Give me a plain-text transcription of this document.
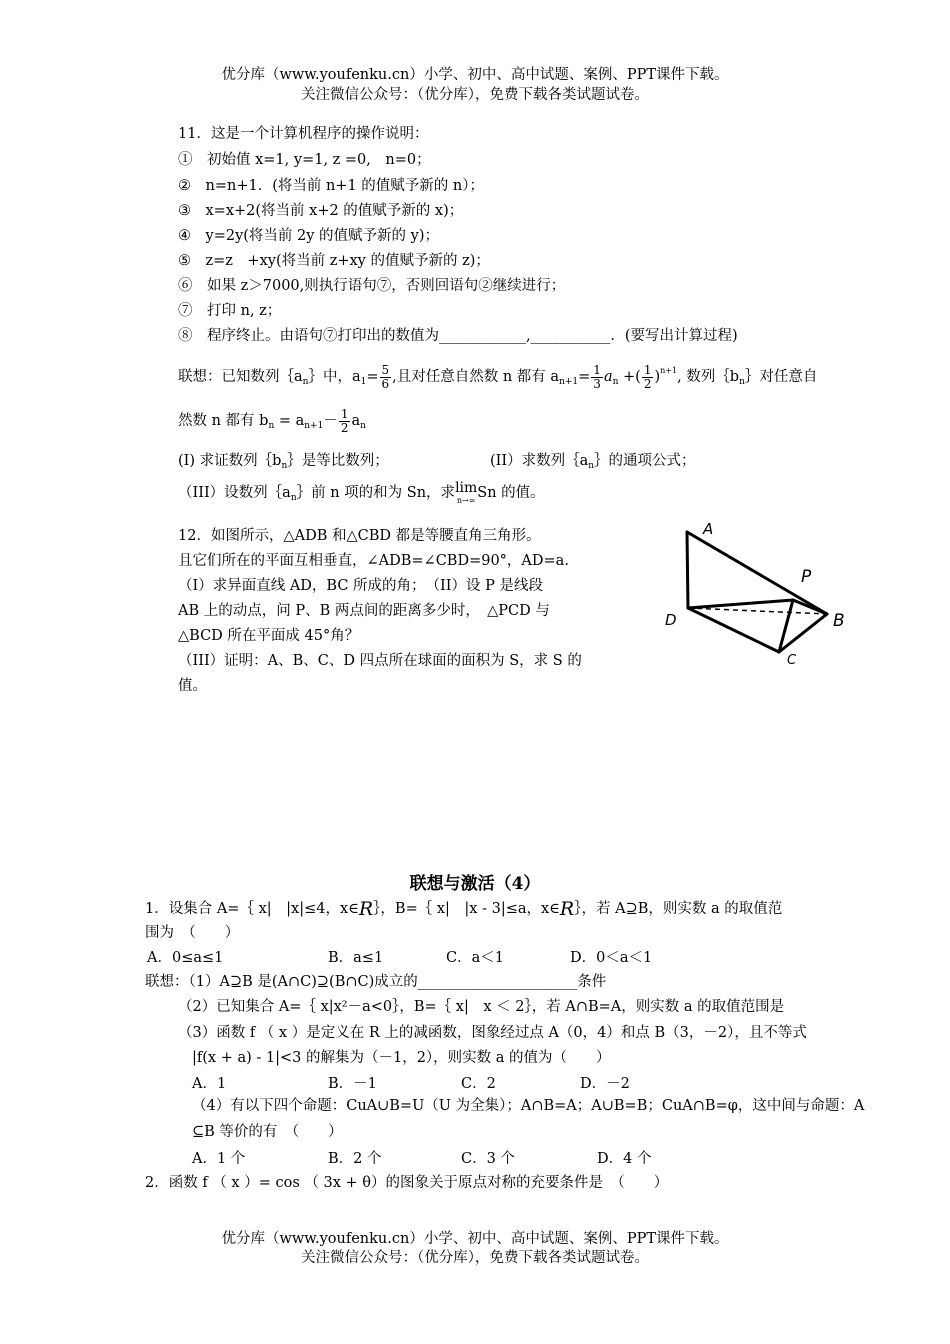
优分库（www.youfenku.cn）小学、初中、高中试题、案例、PPT课件下载。
关注微信公众号：（优分库），免费下载各类试题试卷。
11．这是一个计算机程序的操作说明：
①　初始值 x=1, y=1, z =0,　n=0；
②　n=n+1．(将当前 n+1 的值赋予新的 n）；
③　x=x+2(将当前 x+2 的值赋予新的 x)；
④　y=2y(将当前 2y 的值赋予新的 y)；
⑤　z=z　+xy(将当前 z+xy 的值赋予新的 z)；
⑥　如果 z＞7000,则执行语句⑦，否则回语句②继续进行；
⑦　打印 n, z；
⑧　程序终止。由语句⑦打印出的数值为____________,___________．(要写出计算过程)
联想：已知数列$\{a_n\}$中，$a_1= \frac{5}{6}$ ,且对任意自然数 n 都有 $a_{n+1}= \frac{1}{3} a_n$ +( $\frac{1}{2} )^{n+1}$, 数列$\{b_n\}$对任意自
然数 n 都有 $b_n = a_{n+1}- \frac{1}{2} a_n$
(I) 求证数列$\{b_n\}$是等比数列；	(II）求数列$\{a_n\}$的通项公式；
（III）设数列$\{a_n\}$前 n 项的和为 Sn，求 lim
n→∞ Sn 的值。
12．如图所示，△ADB 和△CBD 都是等腰直角三角形。
且它们所在的平面互相垂直，∠ADB=∠CBD=90°，AD=a.
（I）求异面直线 AD，BC 所成的角；　（II）设 P 是线段
AB 上的动点，问 P、B 两点间的距离多少时，　△PCD 与
△BCD 所在平面成 45°角？
（III）证明：A、B、C、D 四点所在球面的面积为 S，求 S 的
值。
A
P
D	B
C
联想与激活（4）
1．设集合 A=｛ x|　|x|≤4，x∈R｝，B=｛ x|　|x - 3|≤a，x∈R｝，若 A⊇B，则实数 a 的取值范
围为　（　　）
A．0≤a≤1	B．a≤1	C．a＜1	D．0＜a＜1
联想：（1）A⊇B 是(A∩C)⊇(B∩C)成立的______________________条件
（2）已知集合 A=｛ x|x²－a<0｝，B=｛ x|　x ＜ 2｝，若 A∩B=A，则实数 a 的取值范围是
（3）函数 f （ x ）是定义在 R 上的减函数，图象经过点 A（0，4）和点 B（3，－2），且不等式
|f(x + a) - 1|<3 的解集为（－1，2），则实数 a 的值为（　　）
A．1	B．－1	C．2	D．－2
（4）有以下四个命题：CuA∪B=U（U 为全集）；A∩B=A；A∪B=B；CuA∩B=φ，这中间与命题：A
⊆B 等价的有　（　　）
A．1 个	B．2 个	C．3 个	D．4 个
2．函数 f （ x ）= cos （ 3x + θ）的图象关于原点对称的充要条件是　（　　）
优分库（www.youfenku.cn）小学、初中、高中试题、案例、PPT课件下载。
关注微信公众号：（优分库），免费下载各类试题试卷。
